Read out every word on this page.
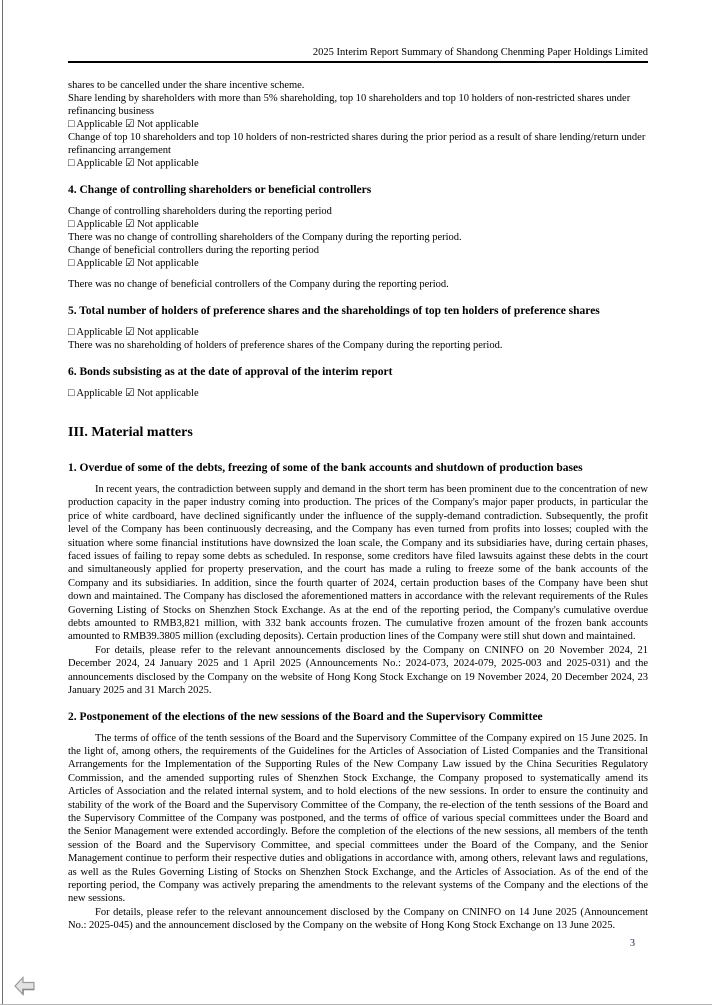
2025 Interim Report Summary of Shandong Chenming Paper Holdings Limited
shares to be cancelled under the share incentive scheme.
Share lending by shareholders with more than 5% shareholding, top 10 shareholders and top 10 holders of non-restricted shares under refinancing business
□ Applicable ☑ Not applicable
Change of top 10 shareholders and top 10 holders of non-restricted shares during the prior period as a result of share lending/return under refinancing arrangement
□ Applicable ☑ Not applicable
4. Change of controlling shareholders or beneficial controllers
Change of controlling shareholders during the reporting period
□ Applicable ☑ Not applicable
There was no change of controlling shareholders of the Company during the reporting period.
Change of beneficial controllers during the reporting period
□ Applicable ☑ Not applicable
There was no change of beneficial controllers of the Company during the reporting period.
5. Total number of holders of preference shares and the shareholdings of top ten holders of preference shares
□ Applicable ☑ Not applicable
There was no shareholding of holders of preference shares of the Company during the reporting period.
6. Bonds subsisting as at the date of approval of the interim report
□ Applicable ☑ Not applicable
III. Material matters
1. Overdue of some of the debts, freezing of some of the bank accounts and shutdown of production bases

In recent years, the contradiction between supply and demand in the short term has been prominent due to the concentration of new production capacity in the paper industry coming into production. The prices of the Company's major paper products, in particular the price of white cardboard, have declined significantly under the influence of the supply-demand contradiction. Subsequently, the profit level of the Company has been continuously decreasing, and the Company has even turned from profits into losses; coupled with the situation where some financial institutions have downsized the loan scale, the Company and its subsidiaries have, during certain phases, faced issues of failing to repay some debts as scheduled. In response, some creditors have filed lawsuits against these debts in the court and simultaneously applied for property preservation, and the court has made a ruling to freeze some of the bank accounts of the Company and its subsidiaries. In addition, since the fourth quarter of 2024, certain production bases of the Company have been shut down and maintained. The Company has disclosed the aforementioned matters in accordance with the relevant requirements of the Rules Governing Listing of Stocks on Shenzhen Stock Exchange. As at the end of the reporting period, the Company's cumulative overdue debts amounted to RMB3,821 million, with 332 bank accounts frozen. The cumulative frozen amount of the frozen bank accounts amounted to RMB39.3805 million (excluding deposits). Certain production lines of the Company were still shut down and maintained.

For details, please refer to the relevant announcements disclosed by the Company on CNINFO on 20 November 2024, 21 December 2024, 24 January 2025 and 1 April 2025 (Announcements No.: 2024-073, 2024-079, 2025-003 and 2025-031) and the announcements disclosed by the Company on the website of Hong Kong Stock Exchange on 19 November 2024, 20 December 2024, 23 January 2025 and 31 March 2025.

2. Postponement of the elections of the new sessions of the Board and the Supervisory Committee

The terms of office of the tenth sessions of the Board and the Supervisory Committee of the Company expired on 15 June 2025. In the light of, among others, the requirements of the Guidelines for the Articles of Association of Listed Companies and the Transitional Arrangements for the Implementation of the Supporting Rules of the New Company Law issued by the China Securities Regulatory Commission, and the amended supporting rules of Shenzhen Stock Exchange, the Company proposed to systematically amend its Articles of Association and the related internal system, and to hold elections of the new sessions. In order to ensure the continuity and stability of the work of the Board and the Supervisory Committee of the Company, the re-election of the tenth sessions of the Board and the Supervisory Committee of the Company was postponed, and the terms of office of various special committees under the Board and the Senior Management were extended accordingly. Before the completion of the elections of the new sessions, all members of the tenth session of the Board and the Supervisory Committee, and special committees under the Board of the Company, and the Senior Management continue to perform their respective duties and obligations in accordance with, among others, relevant laws and regulations, as well as the Rules Governing Listing of Stocks on Shenzhen Stock Exchange, and the Articles of Association. As of the end of the reporting period, the Company was actively preparing the amendments to the relevant systems of the Company and the elections of the new sessions.

For details, please refer to the relevant announcement disclosed by the Company on CNINFO on 14 June 2025 (Announcement No.: 2025-045) and the announcement disclosed by the Company on the website of Hong Kong Stock Exchange on 13 June 2025.

3
